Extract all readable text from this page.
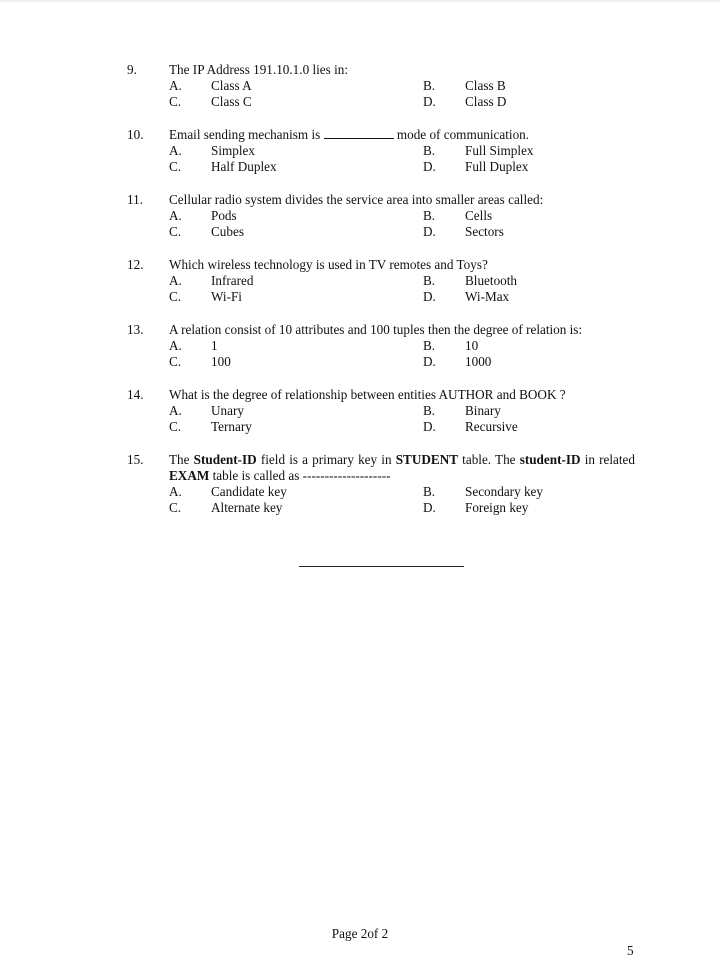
9. The IP Address 191.10.1.0 lies in:
A. Class A	B. Class B
C. Class C	D. Class D
10. Email sending mechanism is	mode of communication.
A. Simplex	B. Full Simplex
C. Half Duplex	D. Full Duplex
11. Cellular radio system divides the service area into smaller areas called:
A. Pods	B. Cells
C. Cubes	D. Sectors
12. Which wireless technology is used in TV remotes and Toys?
A. Infrared	B. Bluetooth
C. Wi-Fi	D. Wi-Max
13. A relation consist of 10 attributes and 100 tuples then the degree of relation is:
A. 1	B. 10
C. 100	D. 1000
14. What is the degree of relationship between entities AUTHOR and BOOK ?
A. Unary	B. Binary
C. Ternary	D. Recursive
15. The Student-ID field is a primary key in STUDENT table. The student-ID in related EXAM table is called as --------------------
A. Candidate key	B. Secondary key
C. Alternate key	D. Foreign key
Page 2of 2
5
